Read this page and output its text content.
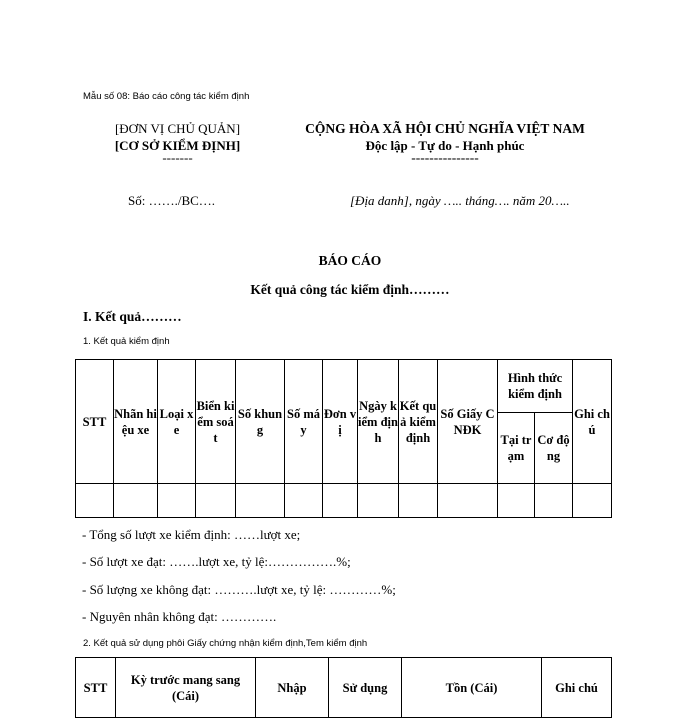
Mẫu số 08: Báo cáo công tác kiểm định
[ĐƠN VỊ CHỦ QUẢN]
[CƠ SỞ KIỂM ĐỊNH]
-------
CỘNG HÒA XÃ HỘI CHỦ NGHĨA VIỆT NAM
Độc lập - Tự do - Hạnh phúc
---------------
Số: ……./BC….	[Địa danh], ngày ….. tháng…. năm 20…..
BÁO CÁO
Kết quả công tác kiểm định………
I. Kết quả………
1. Kết quả kiểm định
STT	Nhãn hiệu xe	Loại xe	Biển kiểm soát	Số khung	Số máy	Đơn vị	Ngày kiểm định	Kết quả kiểm định	Số Giấy CNĐK	Hình thức kiểm định		Ghi chú
										Tại trạm	Cơ động	

- Tổng số lượt xe kiểm định: ……lượt xe;
- Số lượt xe đạt: …….lượt xe, tỷ lệ:…………….%;
- Số lượng xe không đạt: ……….lượt xe, tỷ lệ: …………%;
- Nguyên nhân không đạt: ………….
2. Kết quả sử dụng phôi Giấy chứng nhận kiểm định,Tem kiểm định
STT	Kỳ trước mang sang (Cái)	Nhập	Sử dụng	Tồn (Cái)	Ghi chú
